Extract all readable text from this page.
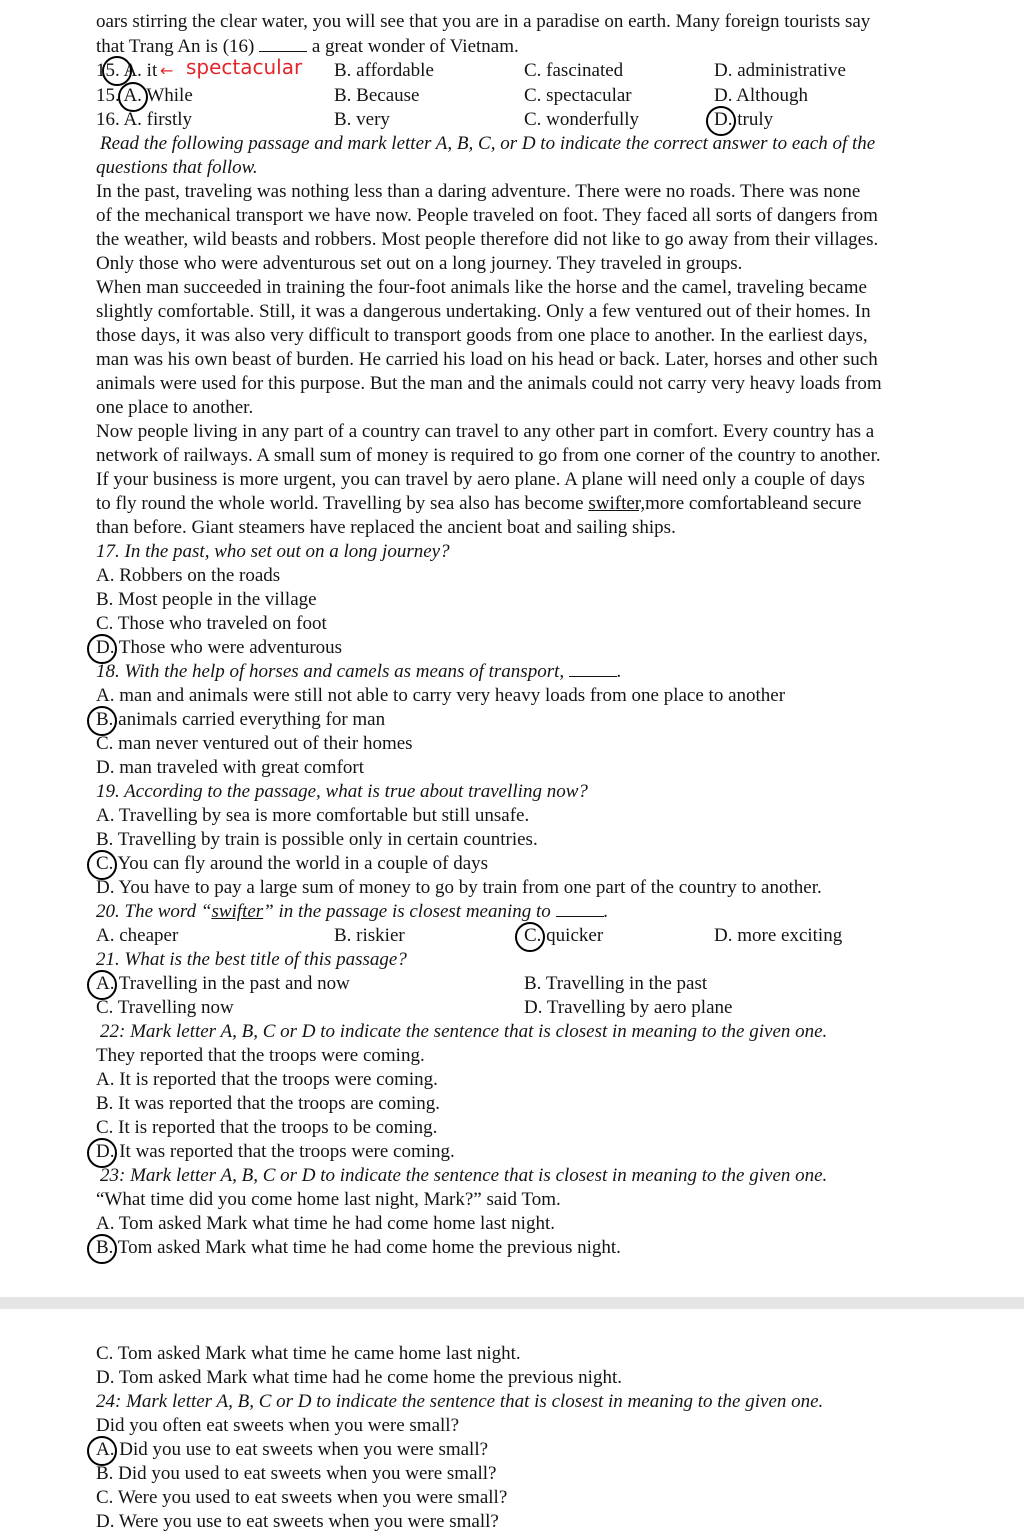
oars stirring the clear water, you will see that you are in a paradise on earth. Many foreign tourists say
that Trang An is (16)	a great wonder of Vietnam.
15. A. it	B. affordable	C. fascinated	D. administrative
spectacular
←
15. A. While	B. Because	C. spectacular	D. Although
16. A. firstly	B. very	C. wonderfully	D. truly
Read the following passage and mark letter A, B, C, or D to indicate the correct answer to each of the
questions that follow.
In the past, traveling was nothing less than a daring adventure. There were no roads. There was none
of the mechanical transport we have now. People traveled on foot. They faced all sorts of dangers from
the weather, wild beasts and robbers. Most people therefore did not like to go away from their villages.
Only those who were adventurous set out on a long journey. They traveled in groups.
When man succeeded in training the four-foot animals like the horse and the camel, traveling became
slightly comfortable. Still, it was a dangerous undertaking. Only a few ventured out of their homes. In
those days, it was also very difficult to transport goods from one place to another. In the earliest days,
man was his own beast of burden. He carried his load on his head or back. Later, horses and other such
animals were used for this purpose. But the man and the animals could not carry very heavy loads from
one place to another.
Now people living in any part of a country can travel to any other part in comfort. Every country has a
network of railways. A small sum of money is required to go from one corner of the country to another.
If your business is more urgent, you can travel by aero plane. A plane will need only a couple of days
to fly round the whole world. Travelling by sea also has become swifter,more comfortableand secure
than before. Giant steamers have replaced the ancient boat and sailing ships.
17. In the past, who set out on a long journey?
A. Robbers on the roads
B. Most people in the village
C. Those who traveled on foot
D. Those who were adventurous
18. With the help of horses and camels as means of transport,	.
A. man and animals were still not able to carry very heavy loads from one place to another
B. animals carried everything for man
C. man never ventured out of their homes
D. man traveled with great comfort
19. According to the passage, what is true about travelling now?
A. Travelling by sea is more comfortable but still unsafe.
B. Travelling by train is possible only in certain countries.
C. You can fly around the world in a couple of days
D. You have to pay a large sum of money to go by train from one part of the country to another.
20. The word “swifter” in the passage is closest meaning to	.
A. cheaper	B. riskier	C. quicker	D. more exciting
21. What is the best title of this passage?
A. Travelling in the past and now	B. Travelling in the past
C. Travelling now	D. Travelling by aero plane
22: Mark letter A, B, C or D to indicate the sentence that is closest in meaning to the given one.
They reported that the troops were coming.
A. It is reported that the troops were coming.
B. It was reported that the troops are coming.
C. It is reported that the troops to be coming.
D. It was reported that the troops were coming.
23: Mark letter A, B, C or D to indicate the sentence that is closest in meaning to the given one.
“What time did you come home last night, Mark?” said Tom.
A. Tom asked Mark what time he had come home last night.
B. Tom asked Mark what time he had come home the previous night.
C. Tom asked Mark what time he came home last night.
D. Tom asked Mark what time had he come home the previous night.
24: Mark letter A, B, C or D to indicate the sentence that is closest in meaning to the given one.
Did you often eat sweets when you were small?
A. Did you use to eat sweets when you were small?
B. Did you used to eat sweets when you were small?
C. Were you used to eat sweets when you were small?
D. Were you use to eat sweets when you were small?
